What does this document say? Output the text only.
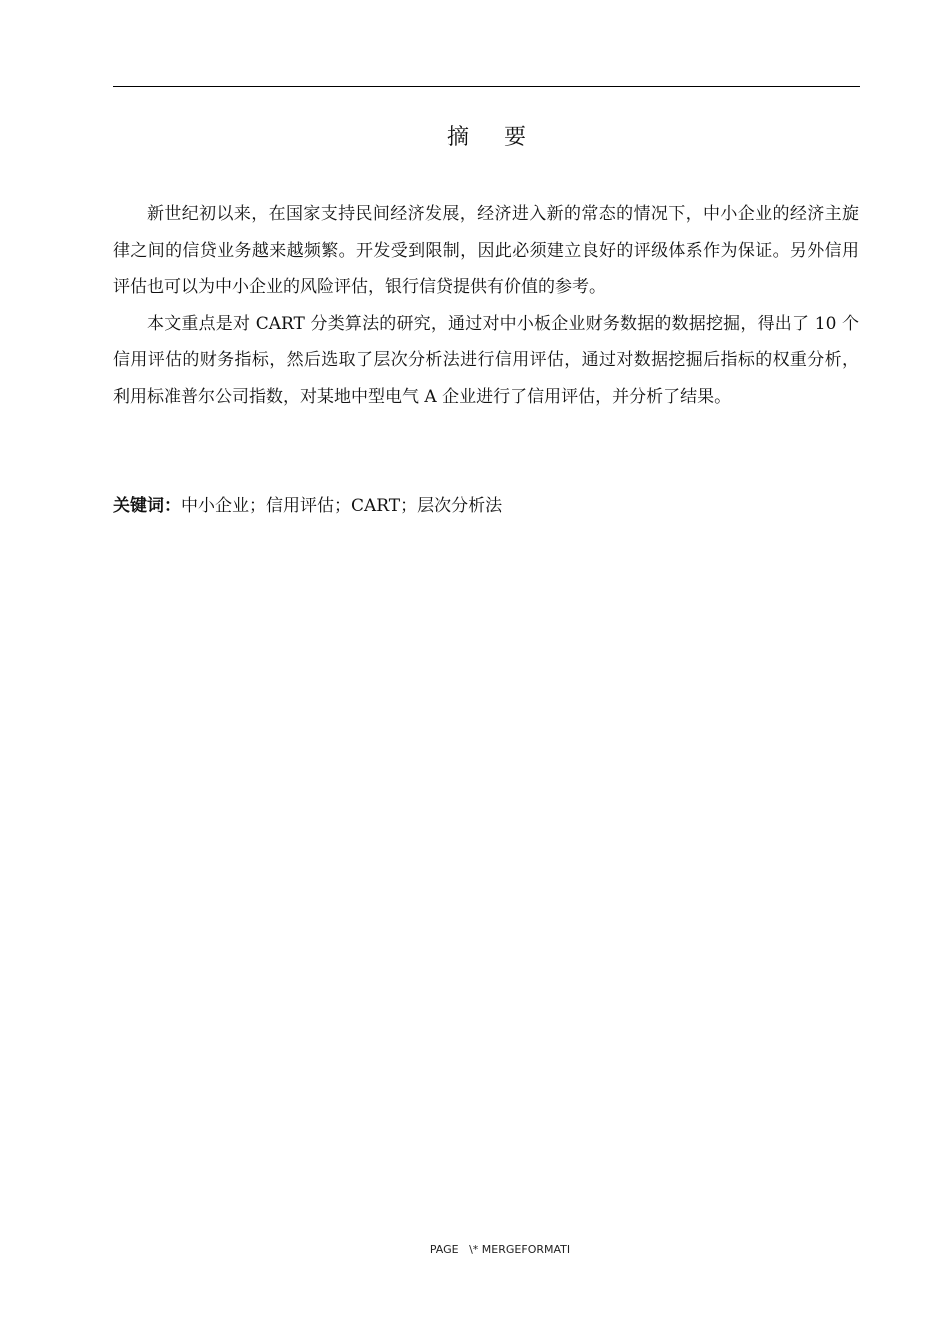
摘 要

新世纪初以来，在国家支持民间经济发展，经济进入新的常态的情况下，中小企业的经济主旋律之间的信贷业务越来越频繁。开发受到限制，因此必须建立良好的评级体系作为保证。另外信用评估也可以为中小企业的风险评估，银行信贷提供有价值的参考。

本文重点是对 CART 分类算法的研究，通过对中小板企业财务数据的数据挖掘，得出了 10 个信用评估的财务指标，然后选取了层次分析法进行信用评估，通过对数据挖掘后指标的权重分析，利用标准普尔公司指数，对某地中型电气 A 企业进行了信用评估，并分析了结果。

关键词：中小企业；信用评估；CART；层次分析法
PAGE   \* MERGEFORMATI
